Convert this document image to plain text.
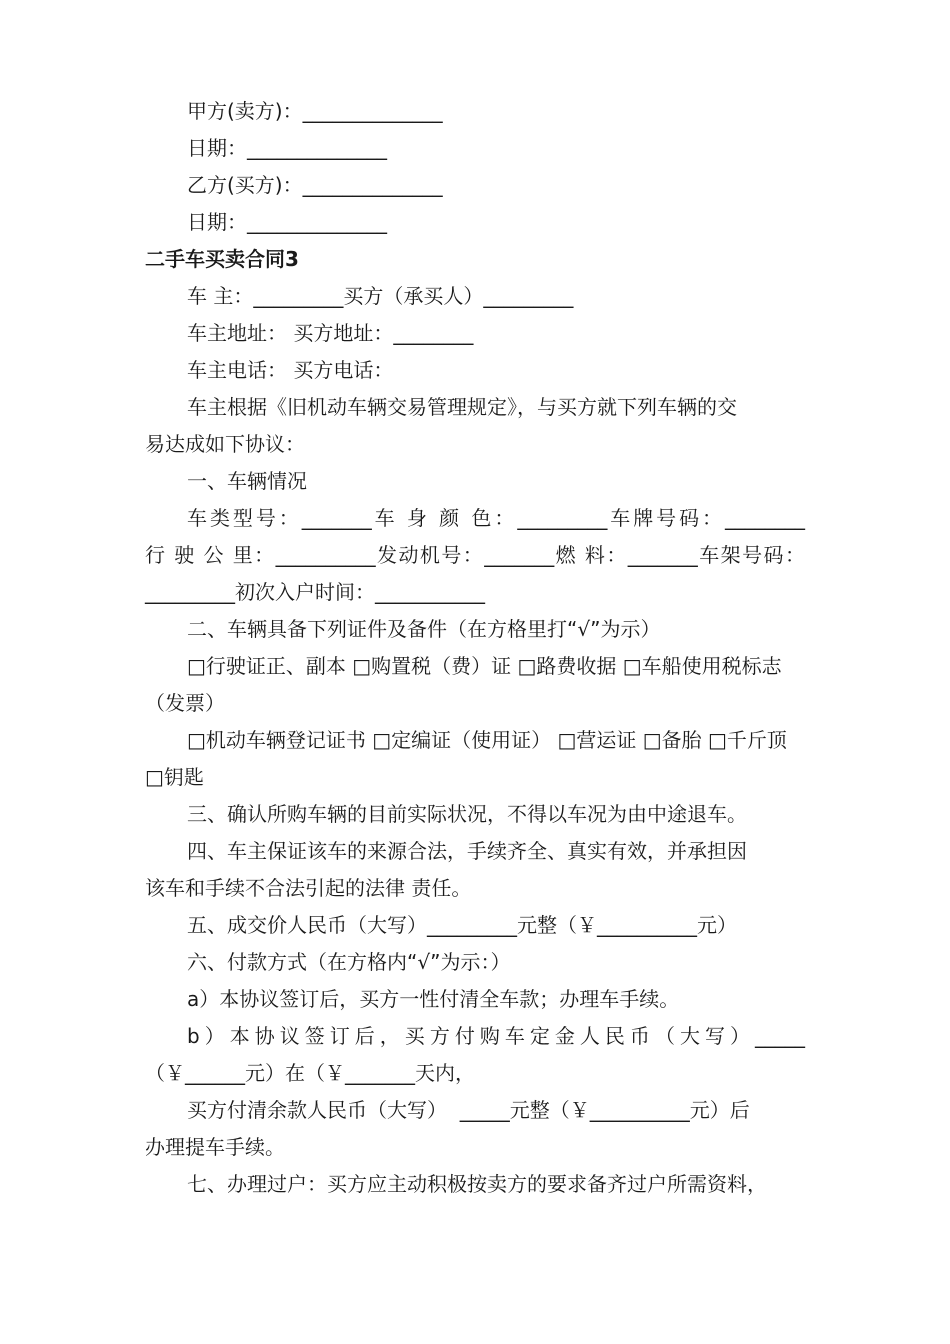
甲方(卖方)：______________
日期：______________
乙方(买方)：______________
日期：______________
二手车买卖合同3
车 主：_________买方（承买人）_________
车主地址： 买方地址：________
车主电话： 买方电话：
车主根据《旧机动车辆交易管理规定》，与买方就下列车辆的交
易达成如下协议：
一、车辆情况
车类型号：_______车 身 颜 色：_________车牌号码：________
行 驶 公 里：__________发动机号：_______燃 料：_______车架号码：
_________初次入户时间：___________
二、车辆具备下列证件及备件（在方格里打“√”为示）
□行驶证正、副本 □购置税（费）证 □路费收据 □车船使用税标志
（发票）
□机动车辆登记证书 □定编证（使用证） □营运证 □备胎 □千斤顶
□钥匙
三、确认所购车辆的目前实际状况，不得以车况为由中途退车。
四、车主保证该车的来源合法，手续齐全、真实有效，并承担因
该车和手续不合法引起的法律 责任。
五、成交价人民币（大写）_________元整（￥__________元）
六、付款方式（在方格内“√”为示：）
a）本协议签订后，买方一性付清全车款；办理车手续。
b）本协议签订后，买方付购车定金人民币（大写）_____
（￥______元）在（￥_______天内，
买方付清余款人民币（大写）  _____元整（￥__________元）后
办理提车手续。
七、办理过户：买方应主动积极按卖方的要求备齐过户所需资料，
